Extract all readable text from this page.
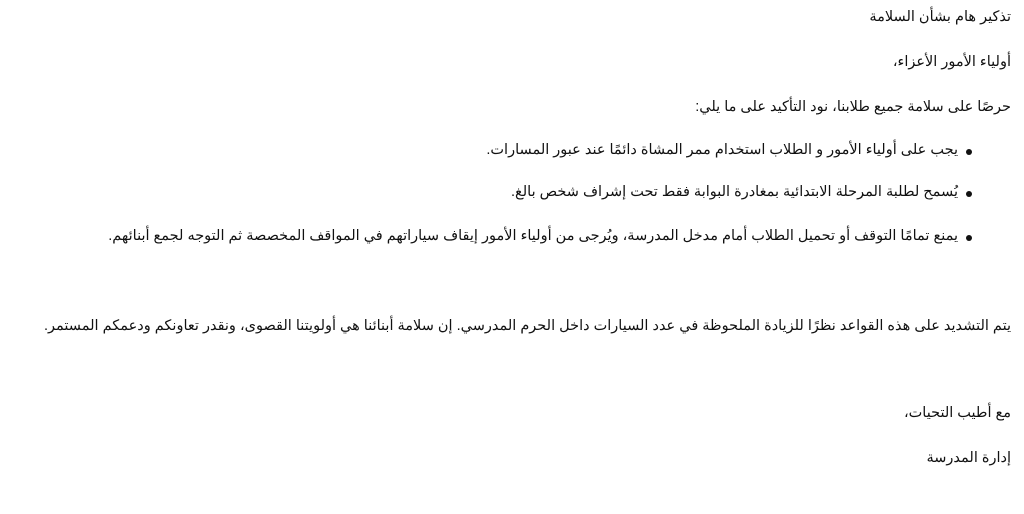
تذكير هام بشأن السلامة

أولياء الأمور الأعزاء،

حرصًا على سلامة جميع طلابنا، نود التأكيد على ما يلي:

يجب على أولياء الأمور و الطلاب استخدام ممر المشاة دائمًا عند عبور المسارات.
يُسمح لطلبة المرحلة الابتدائية بمغادرة البوابة فقط تحت إشراف شخص بالغ.
يمنع تمامًا التوقف أو تحميل الطلاب أمام مدخل المدرسة، ويُرجى من أولياء الأمور إيقاف سياراتهم في المواقف المخصصة ثم التوجه لجمع أبنائهم.

يتم التشديد على هذه القواعد نظرًا للزيادة الملحوظة في عدد السيارات داخل الحرم المدرسي. إن سلامة أبنائنا هي أولويتنا القصوى، ونقدر تعاونكم ودعمكم المستمر.

مع أطيب التحيات،

إدارة المدرسة
